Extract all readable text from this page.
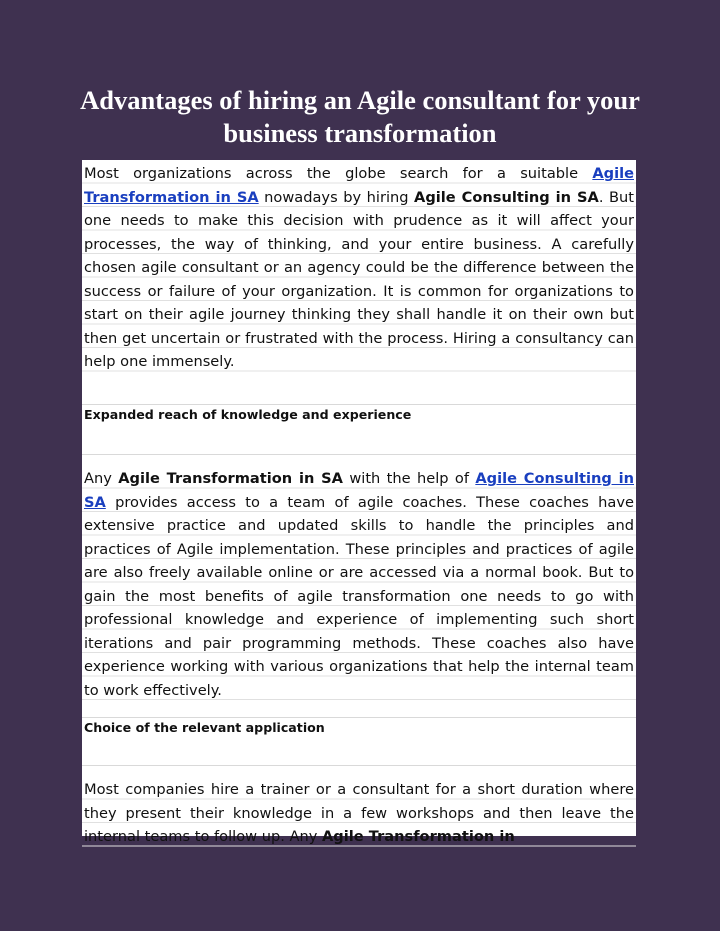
Advantages of hiring an Agile consultant for your business transformation

Most organizations across the globe search for a suitable Agile Transformation in SA nowadays by hiring Agile Consulting in SA. But one needs to make this decision with prudence as it will affect your processes, the way of thinking, and your entire business. A carefully chosen agile consultant or an agency could be the difference between the success or failure of your organization. It is common for organizations to start on their agile journey thinking they shall handle it on their own but then get uncertain or frustrated with the process. Hiring a consultancy can help one immensely.

Expanded reach of knowledge and experience

Any Agile Transformation in SA with the help of Agile Consulting in SA provides access to a team of agile coaches. These coaches have extensive practice and updated skills to handle the principles and practices of Agile implementation. These principles and practices of agile are also freely available online or are accessed via a normal book. But to gain the most benefits of agile transformation one needs to go with professional knowledge and experience of implementing such short iterations and pair programming methods. These coaches also have experience working with various organizations that help the internal team to work effectively.

Choice of the relevant application

Most companies hire a trainer or a consultant for a short duration where they present their knowledge in a few workshops and then leave the internal teams to follow up. Any Agile Transformation in
